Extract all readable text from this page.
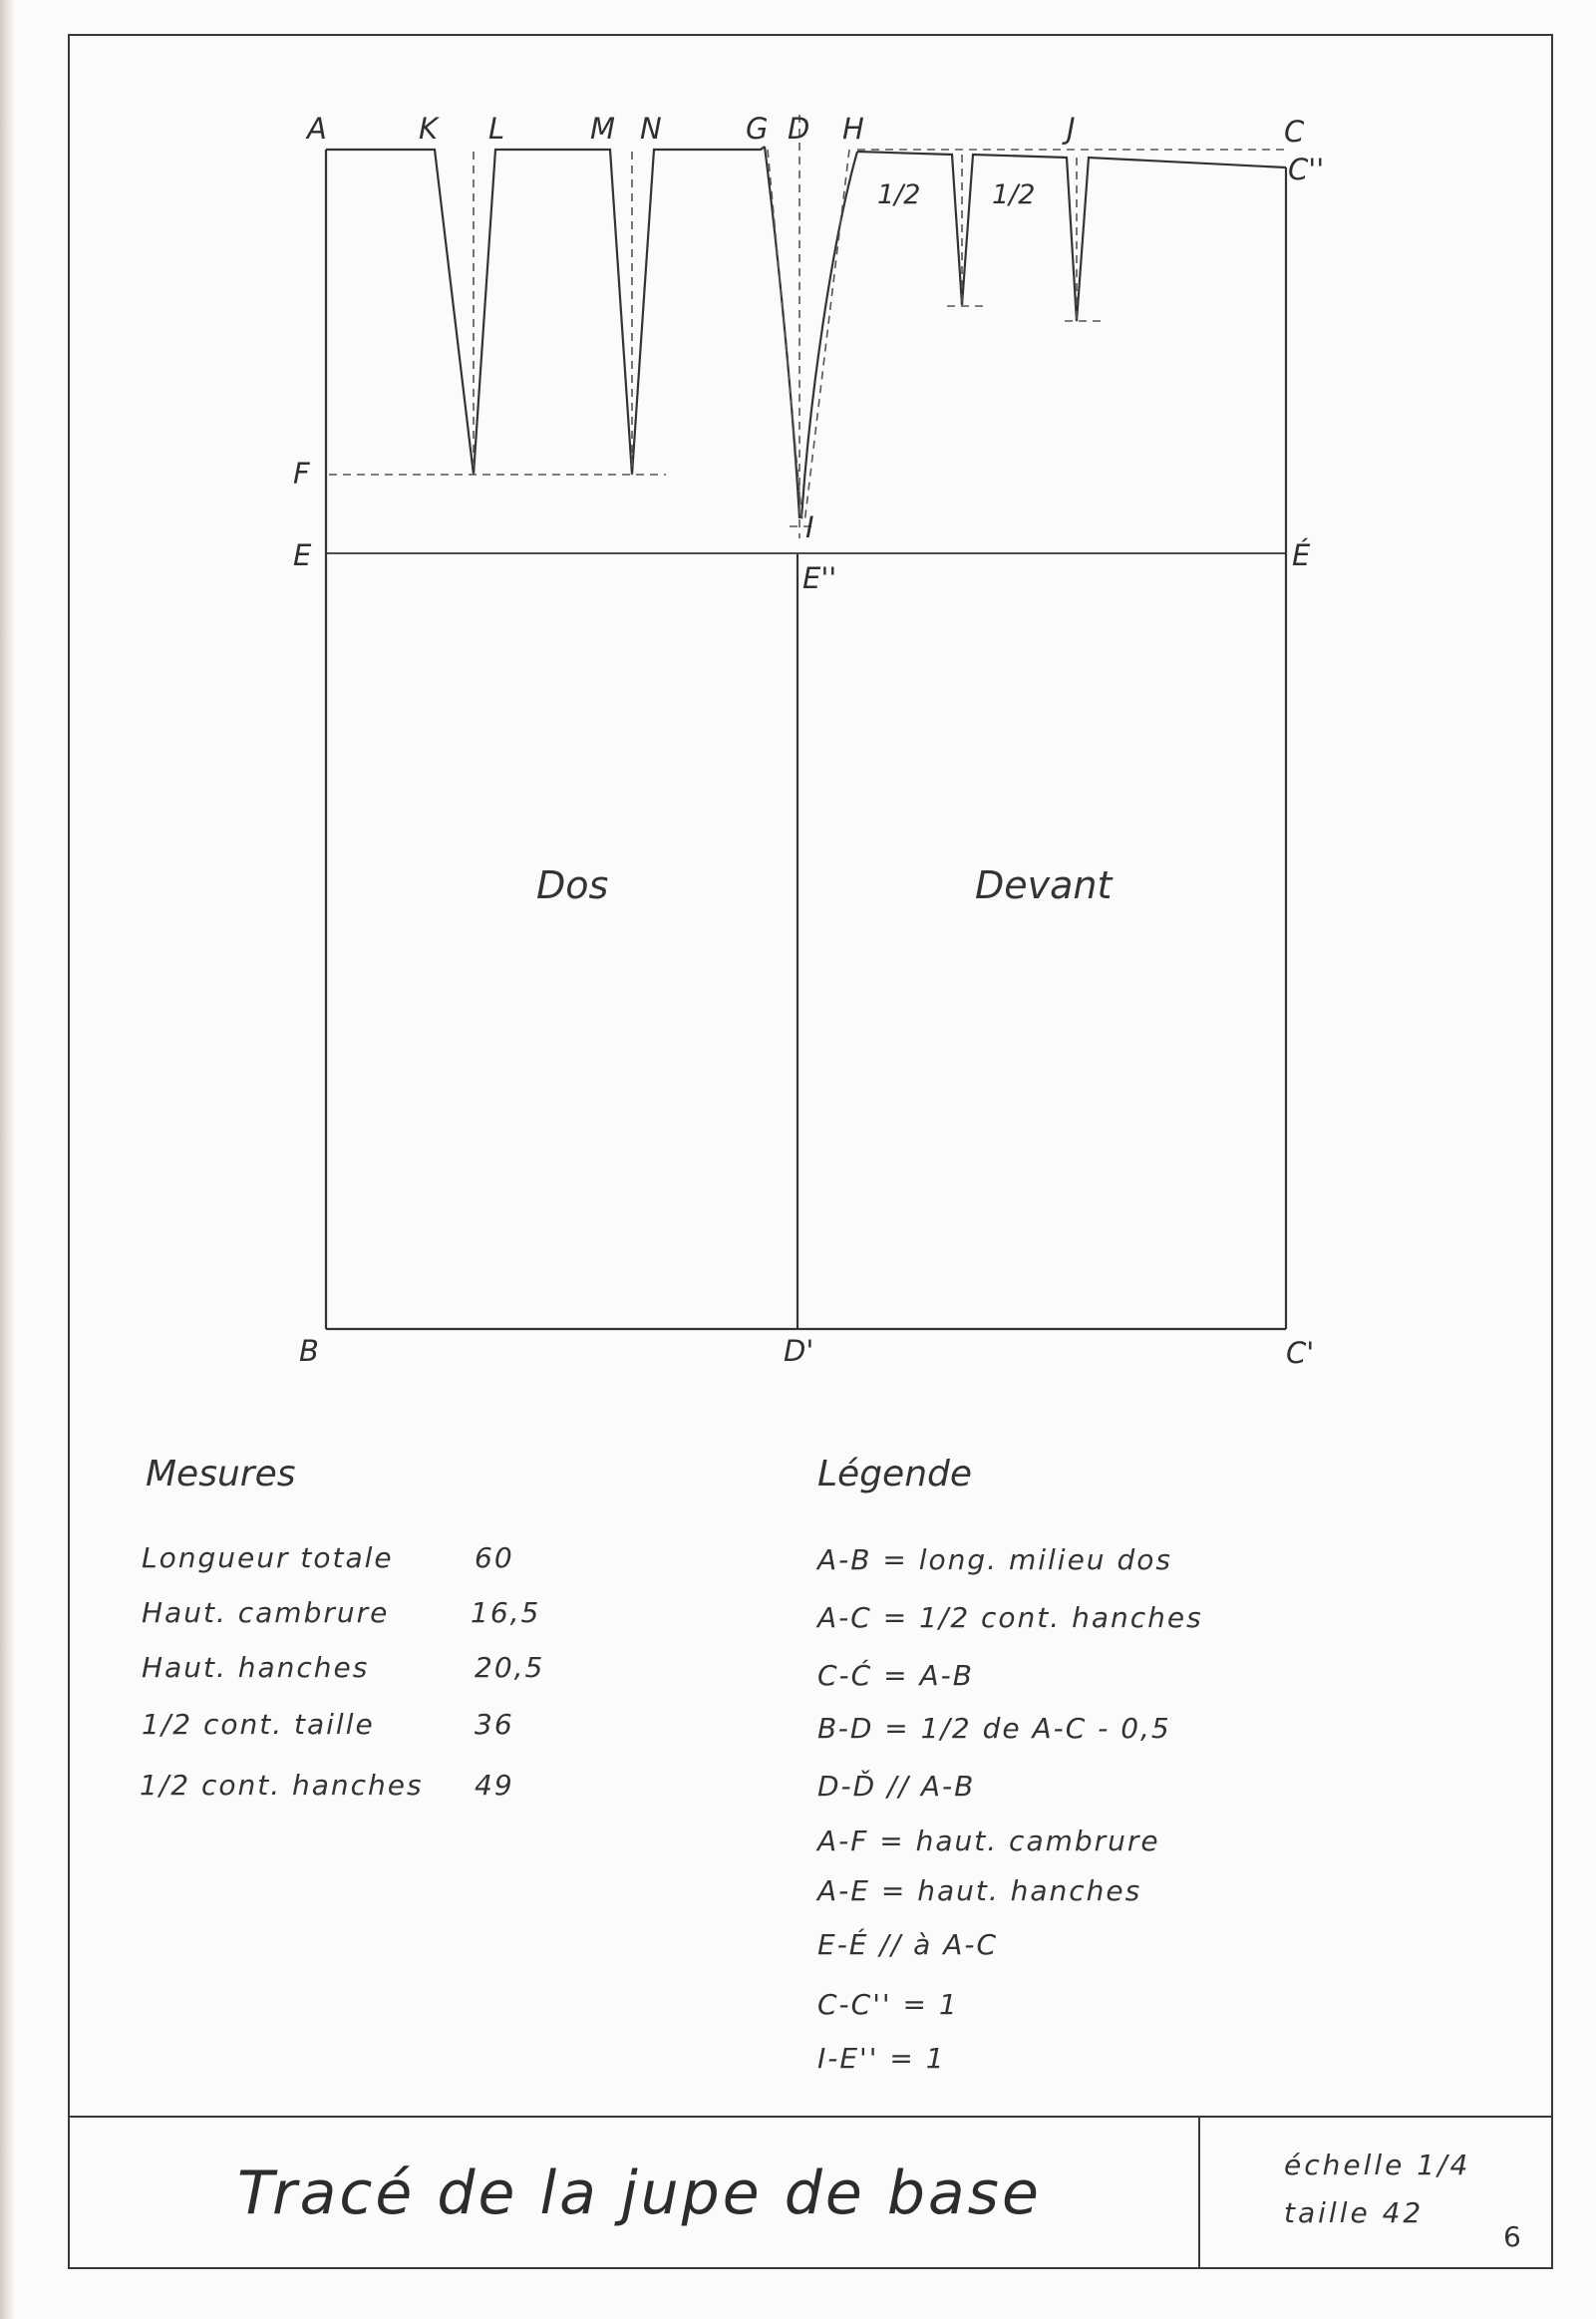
A	K L	M N	G D H	J	C
C''
F
I
E
E''
É
B	D'	C'
1/2	1/2
Dos	Devant
Mesures
Longueur totale	60
Haut. cambrure	16,5
Haut. hanches	20,5
1/2 cont. taille	36
1/2 cont. hanches 49
Légende
A-B = long. milieu dos
A-C = 1/2 cont. hanches
C-Ć = A-B
B-D = 1/2 de A-C - 0,5
D-Ď // A-B
A-F = haut. cambrure
A-E = haut. hanches
E-É // à A-C
C-C'' = 1
I-E'' = 1
Tracé de la jupe de base	échelle 1/4
taille 42
6
